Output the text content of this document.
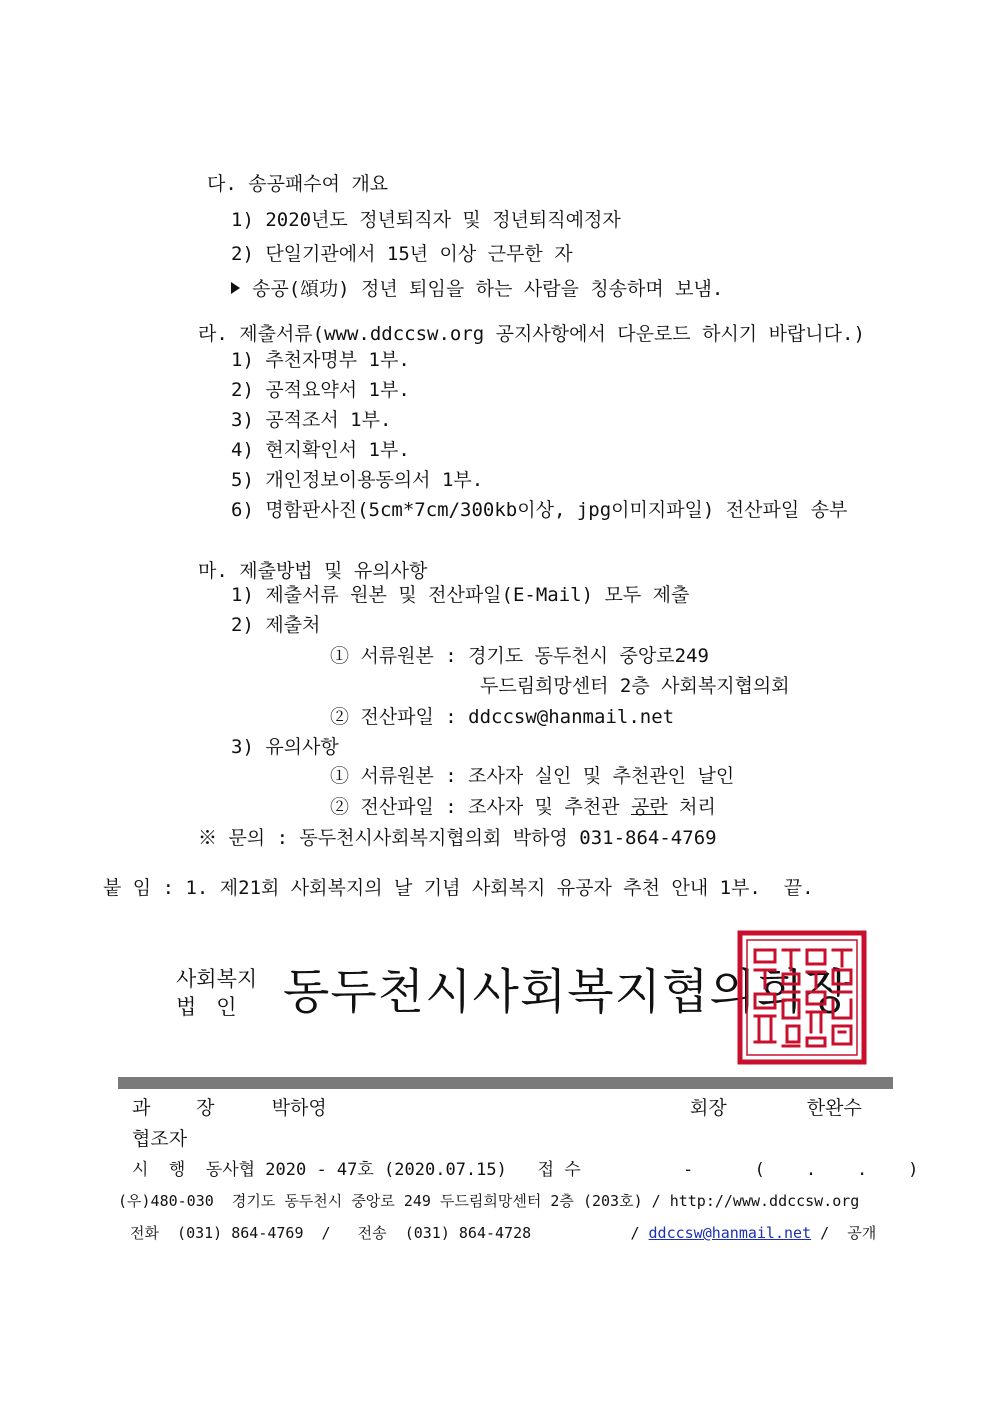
다. 송공패수여 개요
1) 2020년도 정년퇴직자 및 정년퇴직예정자
2) 단일기관에서 15년 이상 근무한 자
송공(頌功) 정년 퇴임을 하는 사람을 칭송하며 보냄.
라. 제출서류(www.ddccsw.org 공지사항에서 다운로드 하시기 바랍니다.)
1) 추천자명부 1부.
2) 공적요약서 1부.
3) 공적조서 1부.
4) 현지확인서 1부.
5) 개인정보이용동의서 1부.
6) 명함판사진(5cm*7cm/300kb이상, jpg이미지파일) 전산파일 송부
마. 제출방법 및 유의사항
1) 제출서류 원본 및 전산파일(E-Mail) 모두 제출
2) 제출처
① 서류원본 : 경기도 동두천시 중앙로249
두드림희망센터 2층 사회복지협의회
② 전산파일 : ddccsw@hanmail.net
3) 유의사항
① 서류원본 : 조사자 실인 및 추천관인 날인
② 전산파일 : 조사자 및 추천관 공란 처리
※ 문의 : 동두천시사회복지협의회 박하영 031-864-4769
붙 임 : 1. 제21회 사회복지의 날 기념 사회복지 유공자 추천 안내 1부.  끝.
사회복지
법   인 동두천시사회복지협의회장
과    장     박하영	회장       한완수
협조자
시  행  동사협 2020 - 47호 (2020.07.15)   접 수          -      (    .    .    )
(우)480-030  경기도 동두천시 중앙로 249 두드림희망센터 2층 (203호) / http://www.ddccsw.org
전화  (031) 864-4769  /   전송  (031) 864-4728           / ddccsw@hanmail.net /  공개
